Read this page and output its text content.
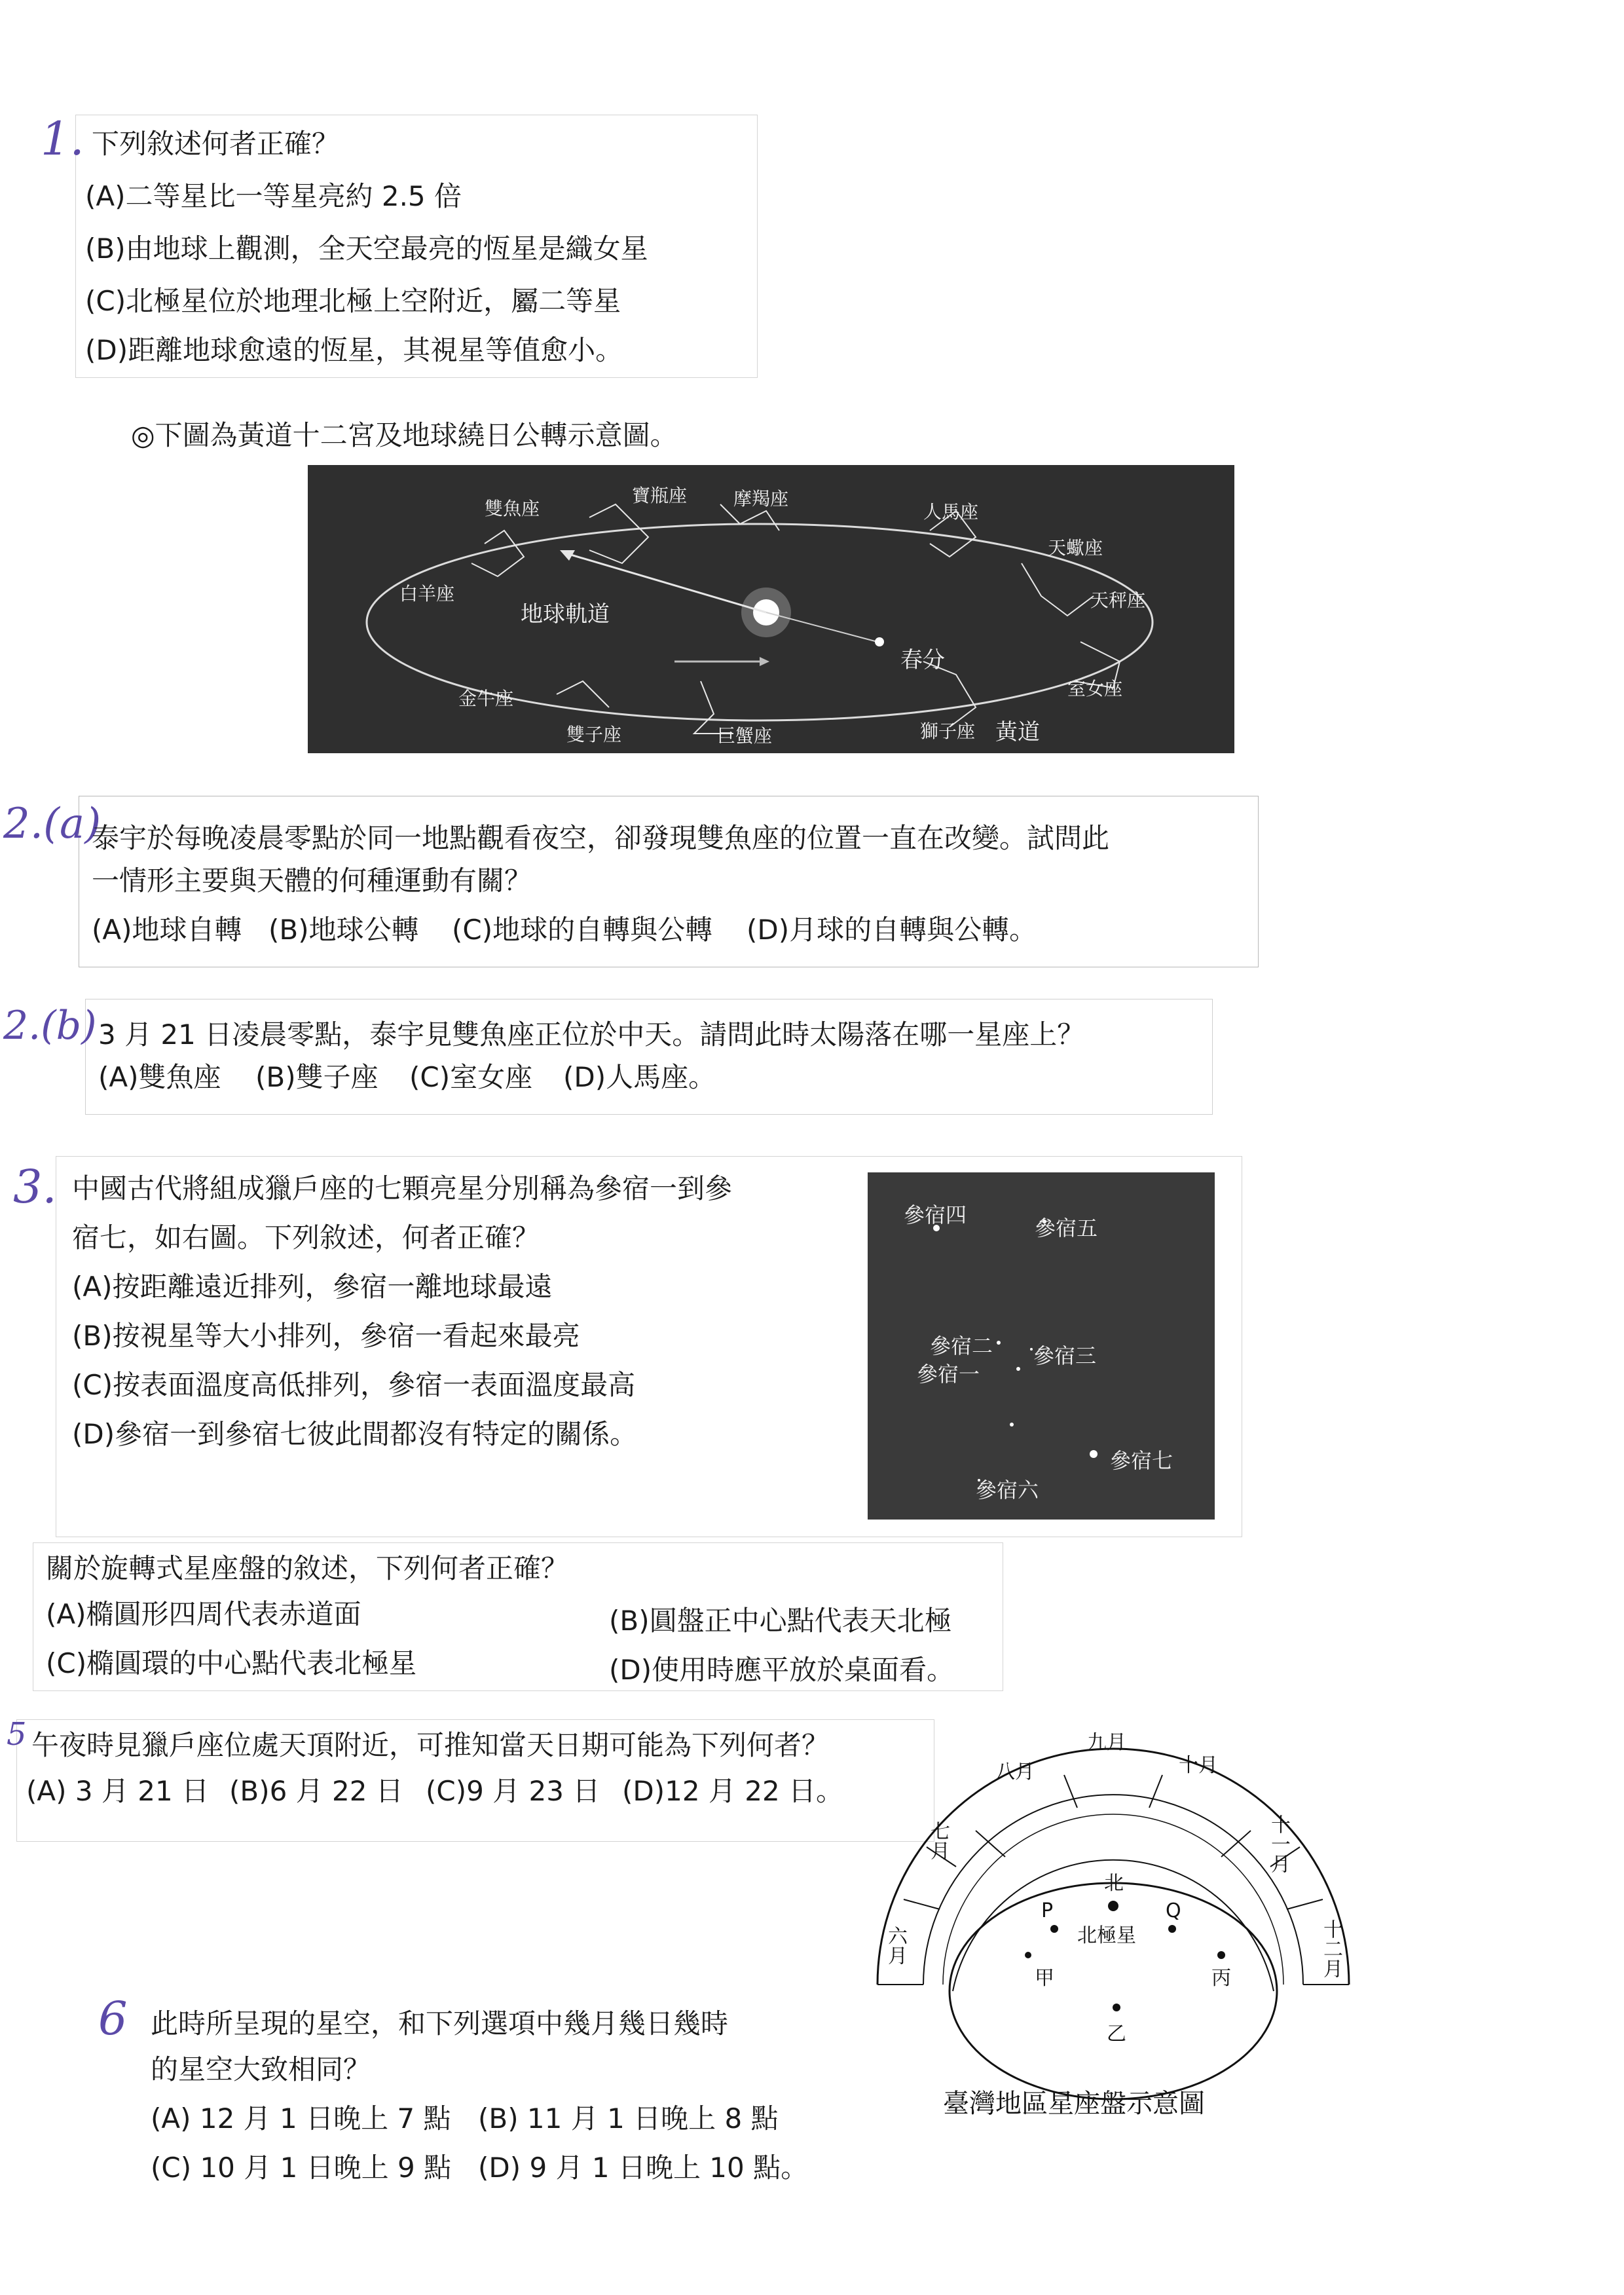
1. 下列敘述何者正確？
(A)二等星比一等星亮約 2.5 倍
(B)由地球上觀測，全天空最亮的恆星是織女星
(C)北極星位於地理北極上空附近，屬二等星
(D)距離地球愈遠的恆星，其視星等值愈小。
◎下圖為黃道十二宮及地球繞日公轉示意圖。
雙魚座
寶瓶座	摩羯座
人馬座
天蠍座
天秤座
白羊座
地球軌道
春分
室女座
金牛座
雙子座	巨蟹座	獅子座 黃道
2.(a)
泰宇於每晚凌晨零點於同一地點觀看夜空，卻發現雙魚座的位置一直在改變。試問此
一情形主要與天體的何種運動有關？
(A)地球自轉 (B)地球公轉 (C)地球的自轉與公轉 (D)月球的自轉與公轉。
2.(b) 3 月 21 日凌晨零點，泰宇見雙魚座正位於中天。請問此時太陽落在哪一星座上？
(A)雙魚座 (B)雙子座 (C)室女座 (D)人馬座。
3. 中國古代將組成獵戶座的七顆亮星分別稱為參宿一到參
宿七，如右圖。下列敘述，何者正確？
(A)按距離遠近排列，參宿一離地球最遠
(B)按視星等大小排列，參宿一看起來最亮
(C)按表面溫度高低排列，參宿一表面溫度最高
(D)參宿一到參宿七彼此間都沒有特定的關係。
參宿四
參宿五
參宿二 參宿三
參宿一
參宿七
參宿六
關於旋轉式星座盤的敘述，下列何者正確？
(A)橢圓形四周代表赤道面	(B)圓盤正中心點代表天北極
(C)橢圓環的中心點代表北極星	(D)使用時應平放於桌面看。
5 午夜時見獵戶座位處天頂附近，可推知當天日期可能為下列何者？
(A) 3 月 21 日 (B)6 月 22 日 (C)9 月 23 日 (D)12 月 22 日。
六月
七月
八月
九月
十月
十一月
十二月
北
P	Q
北極星
甲
乙
丙
臺灣地區星座盤示意圖
6 此時所呈現的星空，和下列選項中幾月幾日幾時
的星空大致相同？
(A) 12 月 1 日晚上 7 點 (B) 11 月 1 日晚上 8 點
(C) 10 月 1 日晚上 9 點 (D) 9 月 1 日晚上 10 點。
